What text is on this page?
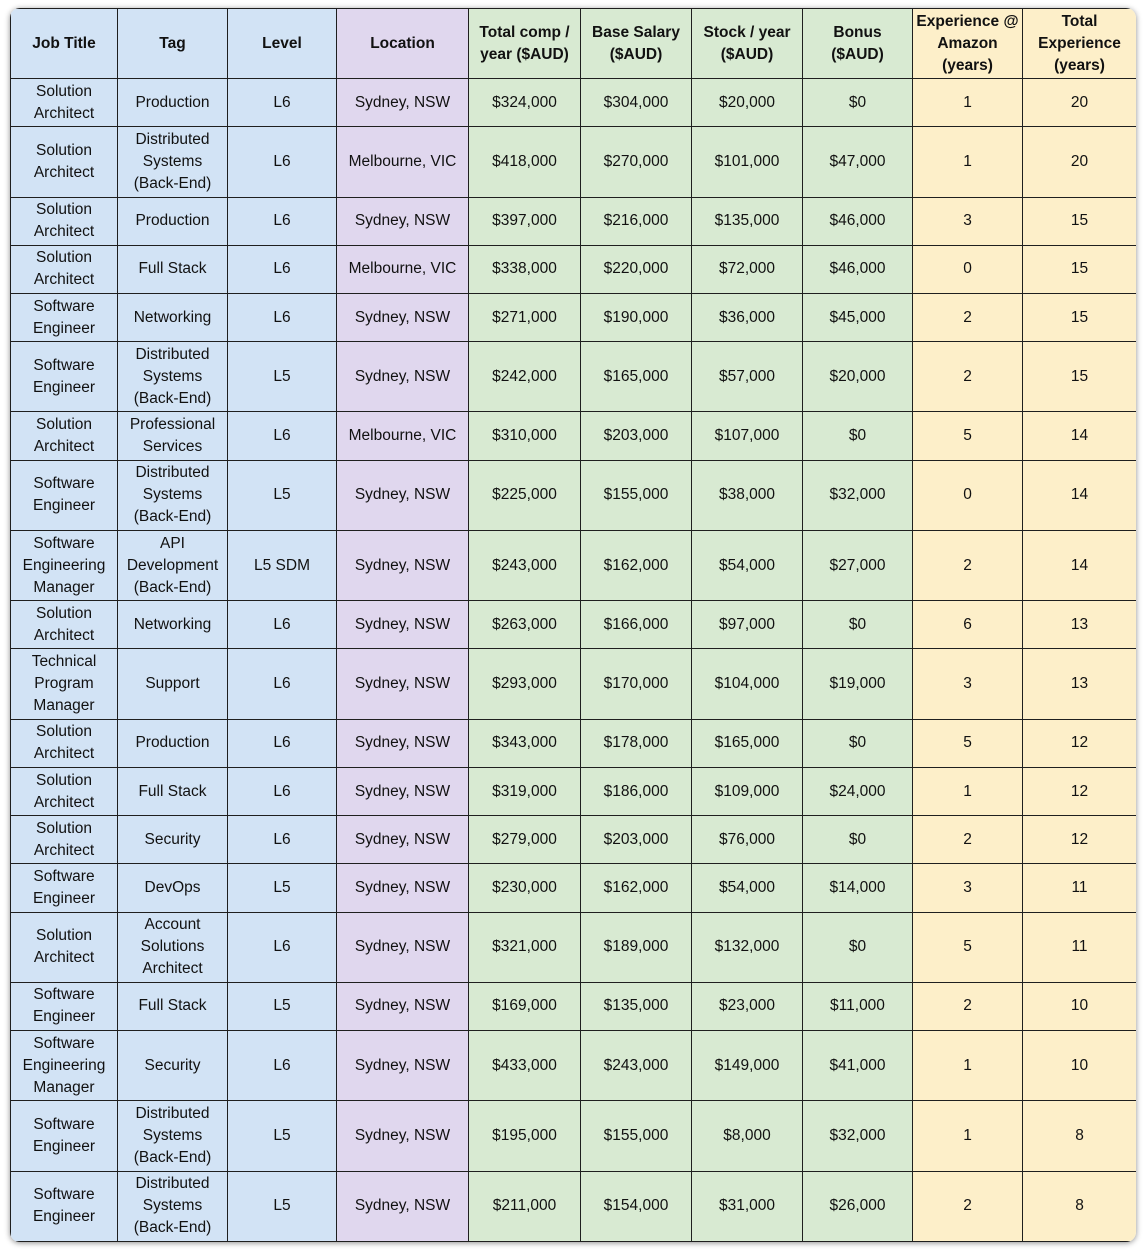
Job Title	Tag	Level	Location	Total comp /
year ($AUD)	Base Salary
($AUD)	Stock / year
($AUD)	Bonus
($AUD)	Experience @
Amazon
(years)	Total
Experience
(years)

Solution
Architect	Production	L6	Sydney, NSW	$324,000	$304,000	$20,000	$0	1	20

Solution
Architect	Distributed
Systems
(Back-End)	L6	Melbourne, VIC	$418,000	$270,000	$101,000	$47,000	1	20

Solution
Architect	Production	L6	Sydney, NSW	$397,000	$216,000	$135,000	$46,000	3	15

Solution
Architect	Full Stack	L6	Melbourne, VIC	$338,000	$220,000	$72,000	$46,000	0	15

Software
Engineer	Networking	L6	Sydney, NSW	$271,000	$190,000	$36,000	$45,000	2	15

Software
Engineer	Distributed
Systems
(Back-End)	L5	Sydney, NSW	$242,000	$165,000	$57,000	$20,000	2	15

Solution
Architect	Professional
Services	L6	Melbourne, VIC	$310,000	$203,000	$107,000	$0	5	14

Software
Engineer	Distributed
Systems
(Back-End)	L5	Sydney, NSW	$225,000	$155,000	$38,000	$32,000	0	14

Software
Engineering
Manager	API
Development
(Back-End)	L5 SDM	Sydney, NSW	$243,000	$162,000	$54,000	$27,000	2	14

Solution
Architect	Networking	L6	Sydney, NSW	$263,000	$166,000	$97,000	$0	6	13

Technical
Program
Manager	Support	L6	Sydney, NSW	$293,000	$170,000	$104,000	$19,000	3	13

Solution
Architect	Production	L6	Sydney, NSW	$343,000	$178,000	$165,000	$0	5	12

Solution
Architect	Full Stack	L6	Sydney, NSW	$319,000	$186,000	$109,000	$24,000	1	12

Solution
Architect	Security	L6	Sydney, NSW	$279,000	$203,000	$76,000	$0	2	12

Software
Engineer	DevOps	L5	Sydney, NSW	$230,000	$162,000	$54,000	$14,000	3	11

Solution
Architect	Account
Solutions
Architect	L6	Sydney, NSW	$321,000	$189,000	$132,000	$0	5	11

Software
Engineer	Full Stack	L5	Sydney, NSW	$169,000	$135,000	$23,000	$11,000	2	10

Software
Engineering
Manager	Security	L6	Sydney, NSW	$433,000	$243,000	$149,000	$41,000	1	10

Software
Engineer	Distributed
Systems
(Back-End)	L5	Sydney, NSW	$195,000	$155,000	$8,000	$32,000	1	8

Software
Engineer	Distributed
Systems
(Back-End)	L5	Sydney, NSW	$211,000	$154,000	$31,000	$26,000	2	8
